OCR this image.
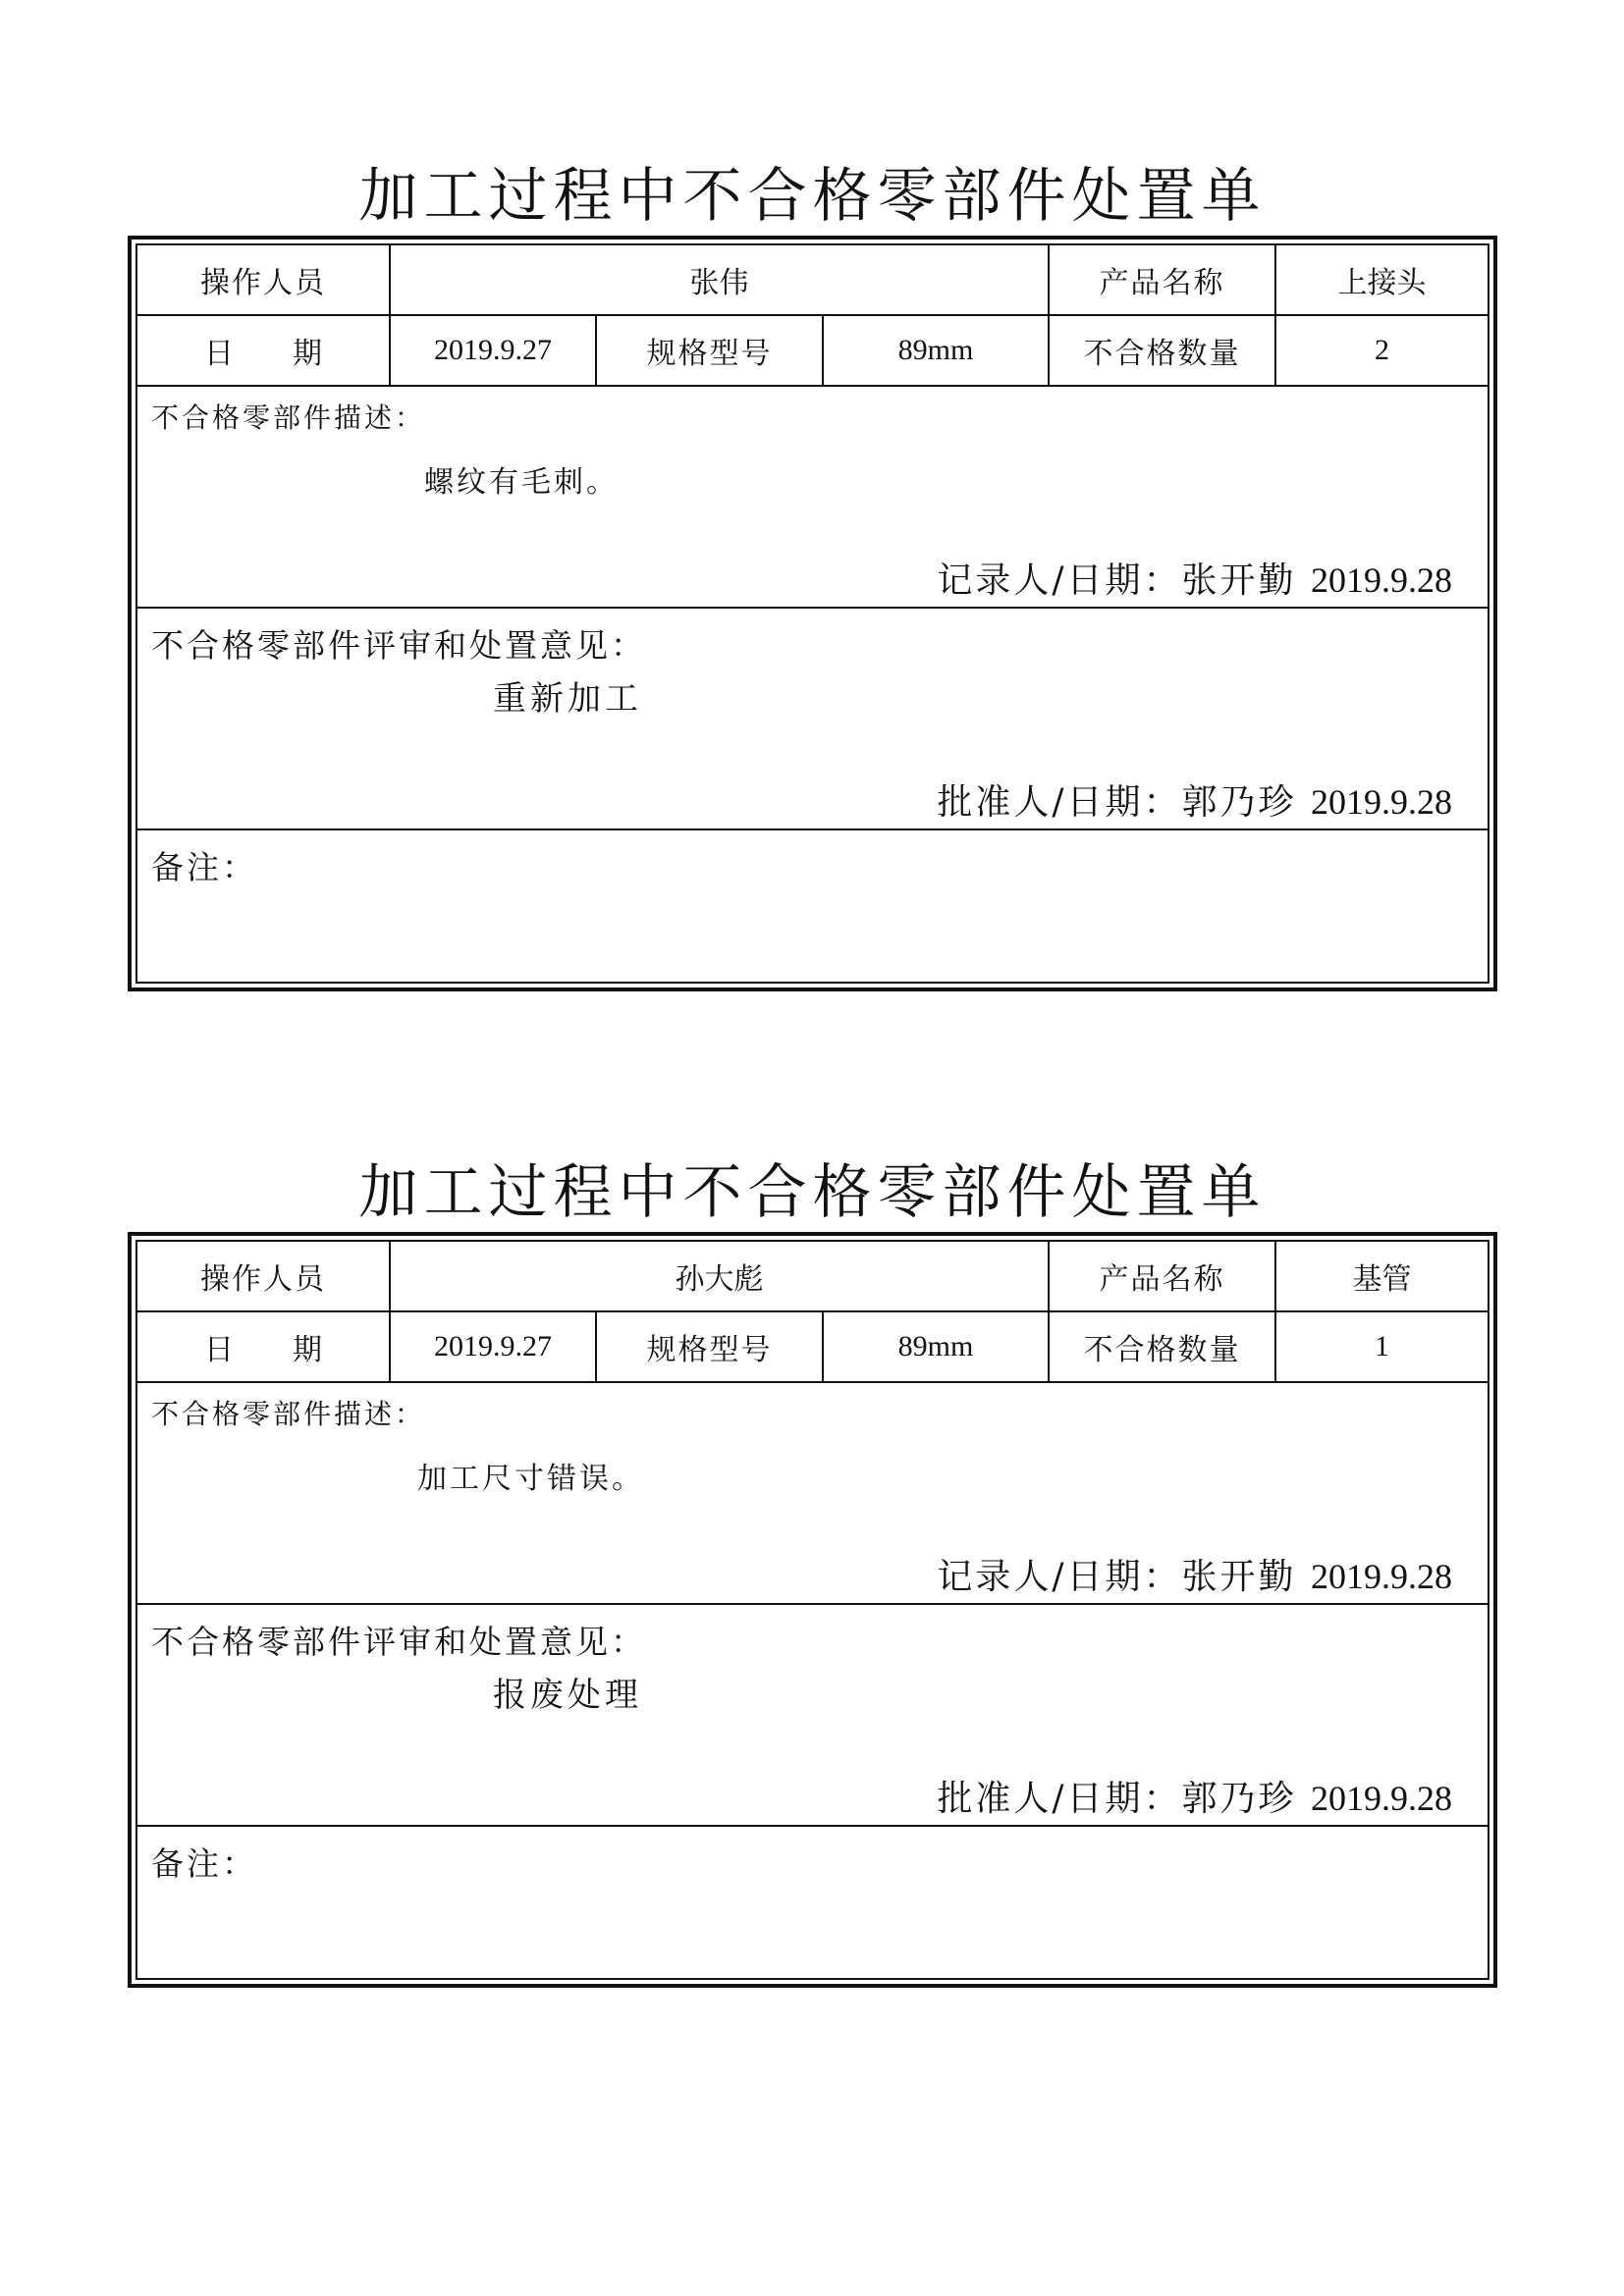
加工过程中不合格零部件处置单
操作人员	张伟			产品名称	上接头
日　　期	2019.9.27	规格型号	89mm	不合格数量	2
不合格零部件描述：
螺纹有毛刺。
记录人/日期：张开勤 2019.9.28
不合格零部件评审和处置意见：
重新加工
批准人/日期：郭乃珍 2019.9.28
备注：
加工过程中不合格零部件处置单
操作人员	孙大彪			产品名称	基管
日　　期	2019.9.27	规格型号	89mm	不合格数量	1
不合格零部件描述：
加工尺寸错误。
记录人/日期：张开勤 2019.9.28
不合格零部件评审和处置意见：
报废处理
批准人/日期：郭乃珍 2019.9.28
备注：
